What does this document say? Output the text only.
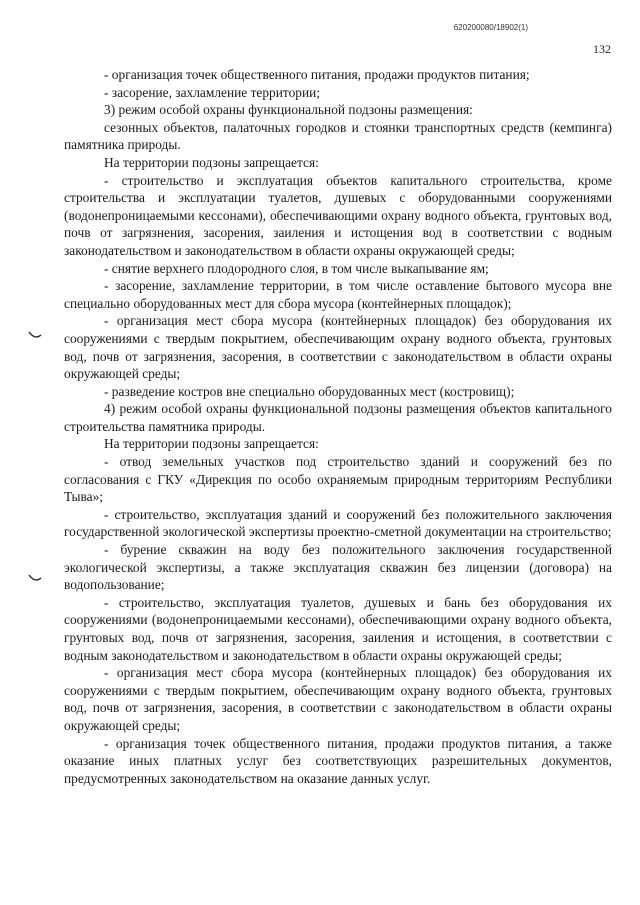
620200080/18902(1)
132

- организация точек общественного питания, продажи продуктов питания;

- засорение, захламление территории;

3) режим особой охраны функциональной подзоны размещения:

сезонных объектов, палаточных городков и стоянки транспортных средств (кемпинга) памятника природы.

На территории подзоны запрещается:

- строительство и эксплуатация объектов капитального строительства, кроме строительства и эксплуатации туалетов, душевых с оборудованными сооружениями (водонепроницаемыми кессонами), обеспечивающими охрану водного объекта, грунтовых вод, почв от загрязнения, засорения, заиления и истощения вод в соответствии с водным законодательством и законодательством в области охраны окружающей среды;

- снятие верхнего плодородного слоя, в том числе выкапывание ям;

- засорение, захламление территории, в том числе оставление бытового мусора вне специально оборудованных мест для сбора мусора (контейнерных площадок);

- организация мест сбора мусора (контейнерных площадок) без оборудования их сооружениями с твердым покрытием, обеспечивающим охрану водного объекта, грунтовых вод, почв от загрязнения, засорения, в соответствии с законодательством в области охраны окружающей среды;

- разведение костров вне специально оборудованных мест (костровищ);

4) режим особой охраны функциональной подзоны размещения объектов капитального строительства памятника природы.

На территории подзоны запрещается:

- отвод земельных участков под строительство зданий и сооружений без по согласования с ГКУ «Дирекция по особо охраняемым природным территориям Республики Тыва»;

- строительство, эксплуатация зданий и сооружений без положительного заключения государственной экологической экспертизы проектно-сметной документации на строительство;

- бурение скважин на воду без положительного заключения государственной экологической экспертизы, а также эксплуатация скважин без лицензии (договора) на водопользование;

- строительство, эксплуатация туалетов, душевых и бань без оборудования их сооружениями (водонепроницаемыми кессонами), обеспечивающими охрану водного объекта, грунтовых вод, почв от загрязнения, засорения, заиления и истощения, в соответствии с водным законодательством и законодательством в области охраны окружающей среды;

- организация мест сбора мусора (контейнерных площадок) без оборудования их сооружениями с твердым покрытием, обеспечивающим охрану водного объекта, грунтовых вод, почв от загрязнения, засорения, в соответствии с законодательством в области охраны окружающей среды;

- организация точек общественного питания, продажи продуктов питания, а также оказание иных платных услуг без соответствующих разрешительных документов, предусмотренных законодательством на оказание данных услуг.
